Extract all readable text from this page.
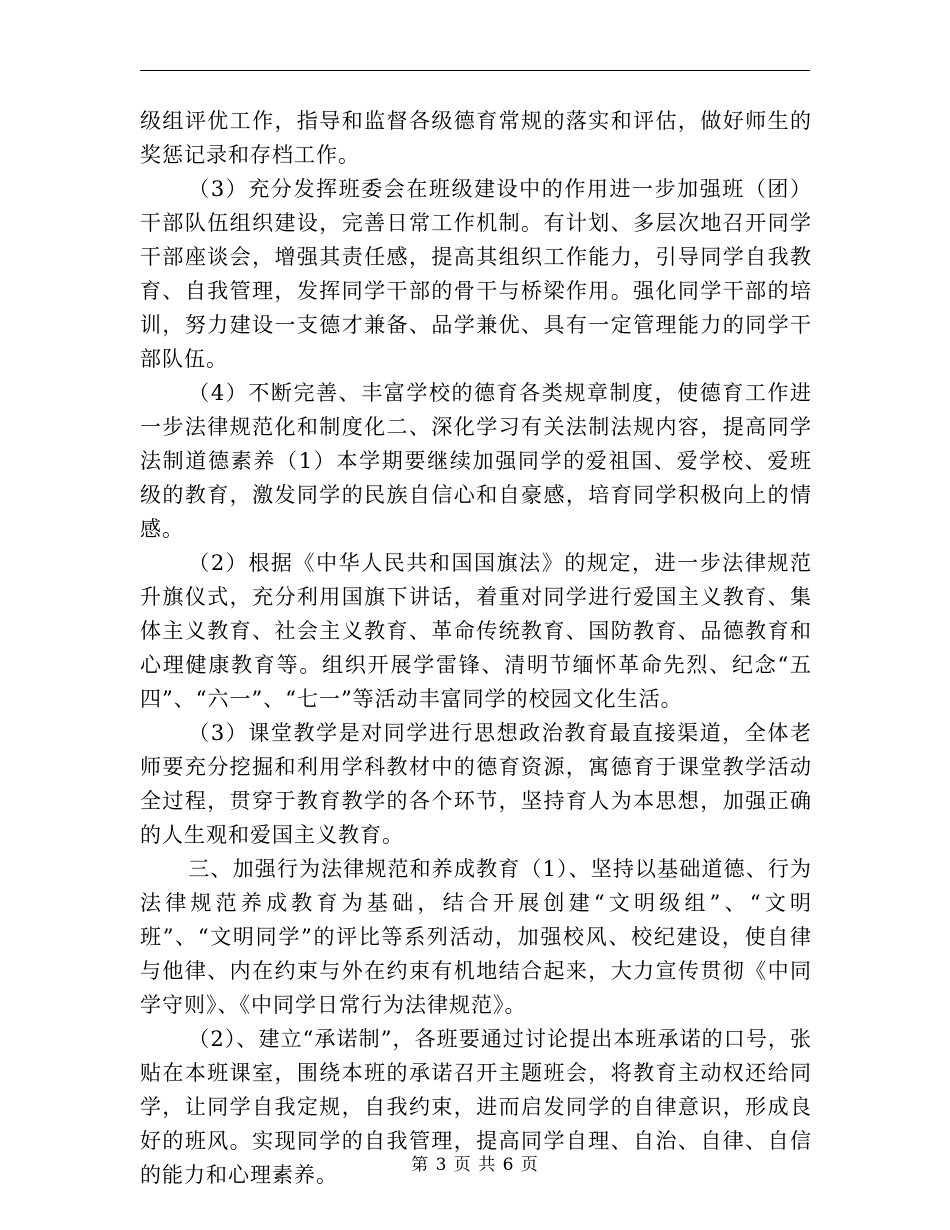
级组评优工作，指导和监督各级德育常规的落实和评估，做好师生的奖惩记录和存档工作。

（3）充分发挥班委会在班级建设中的作用进一步加强班（团）干部队伍组织建设，完善日常工作机制。有计划、多层次地召开同学干部座谈会，增强其责任感，提高其组织工作能力，引导同学自我教育、自我管理，发挥同学干部的骨干与桥梁作用。强化同学干部的培训，努力建设一支德才兼备、品学兼优、具有一定管理能力的同学干部队伍。

（4）不断完善、丰富学校的德育各类规章制度，使德育工作进一步法律规范化和制度化二、深化学习有关法制法规内容，提高同学法制道德素养（1）本学期要继续加强同学的爱祖国、爱学校、爱班级的教育，激发同学的民族自信心和自豪感，培育同学积极向上的情感。

（2）根据《中华人民共和国国旗法》的规定，进一步法律规范升旗仪式，充分利用国旗下讲话，着重对同学进行爱国主义教育、集体主义教育、社会主义教育、革命传统教育、国防教育、品德教育和心理健康教育等。组织开展学雷锋、清明节缅怀革命先烈、纪念“五四”、“六一”、“七一”等活动丰富同学的校园文化生活。

（3）课堂教学是对同学进行思想政治教育最直接渠道，全体老师要充分挖掘和利用学科教材中的德育资源，寓德育于课堂教学活动全过程，贯穿于教育教学的各个环节，坚持育人为本思想，加强正确的人生观和爱国主义教育。

三、加强行为法律规范和养成教育（1）、坚持以基础道德、行为法律规范养成教育为基础，结合开展创建“文明级组”、“文明班”、“文明同学”的评比等系列活动，加强校风、校纪建设，使自律与他律、内在约束与外在约束有机地结合起来，大力宣传贯彻《中同学守则》、《中同学日常行为法律规范》。

（2）、建立“承诺制”，各班要通过讨论提出本班承诺的口号，张贴在本班课室，围绕本班的承诺召开主题班会，将教育主动权还给同学，让同学自我定规，自我约束，进而启发同学的自律意识，形成良好的班风。实现同学的自我管理，提高同学自理、自治、自律、自信的能力和心理素养。	第 3 页 共 6 页
